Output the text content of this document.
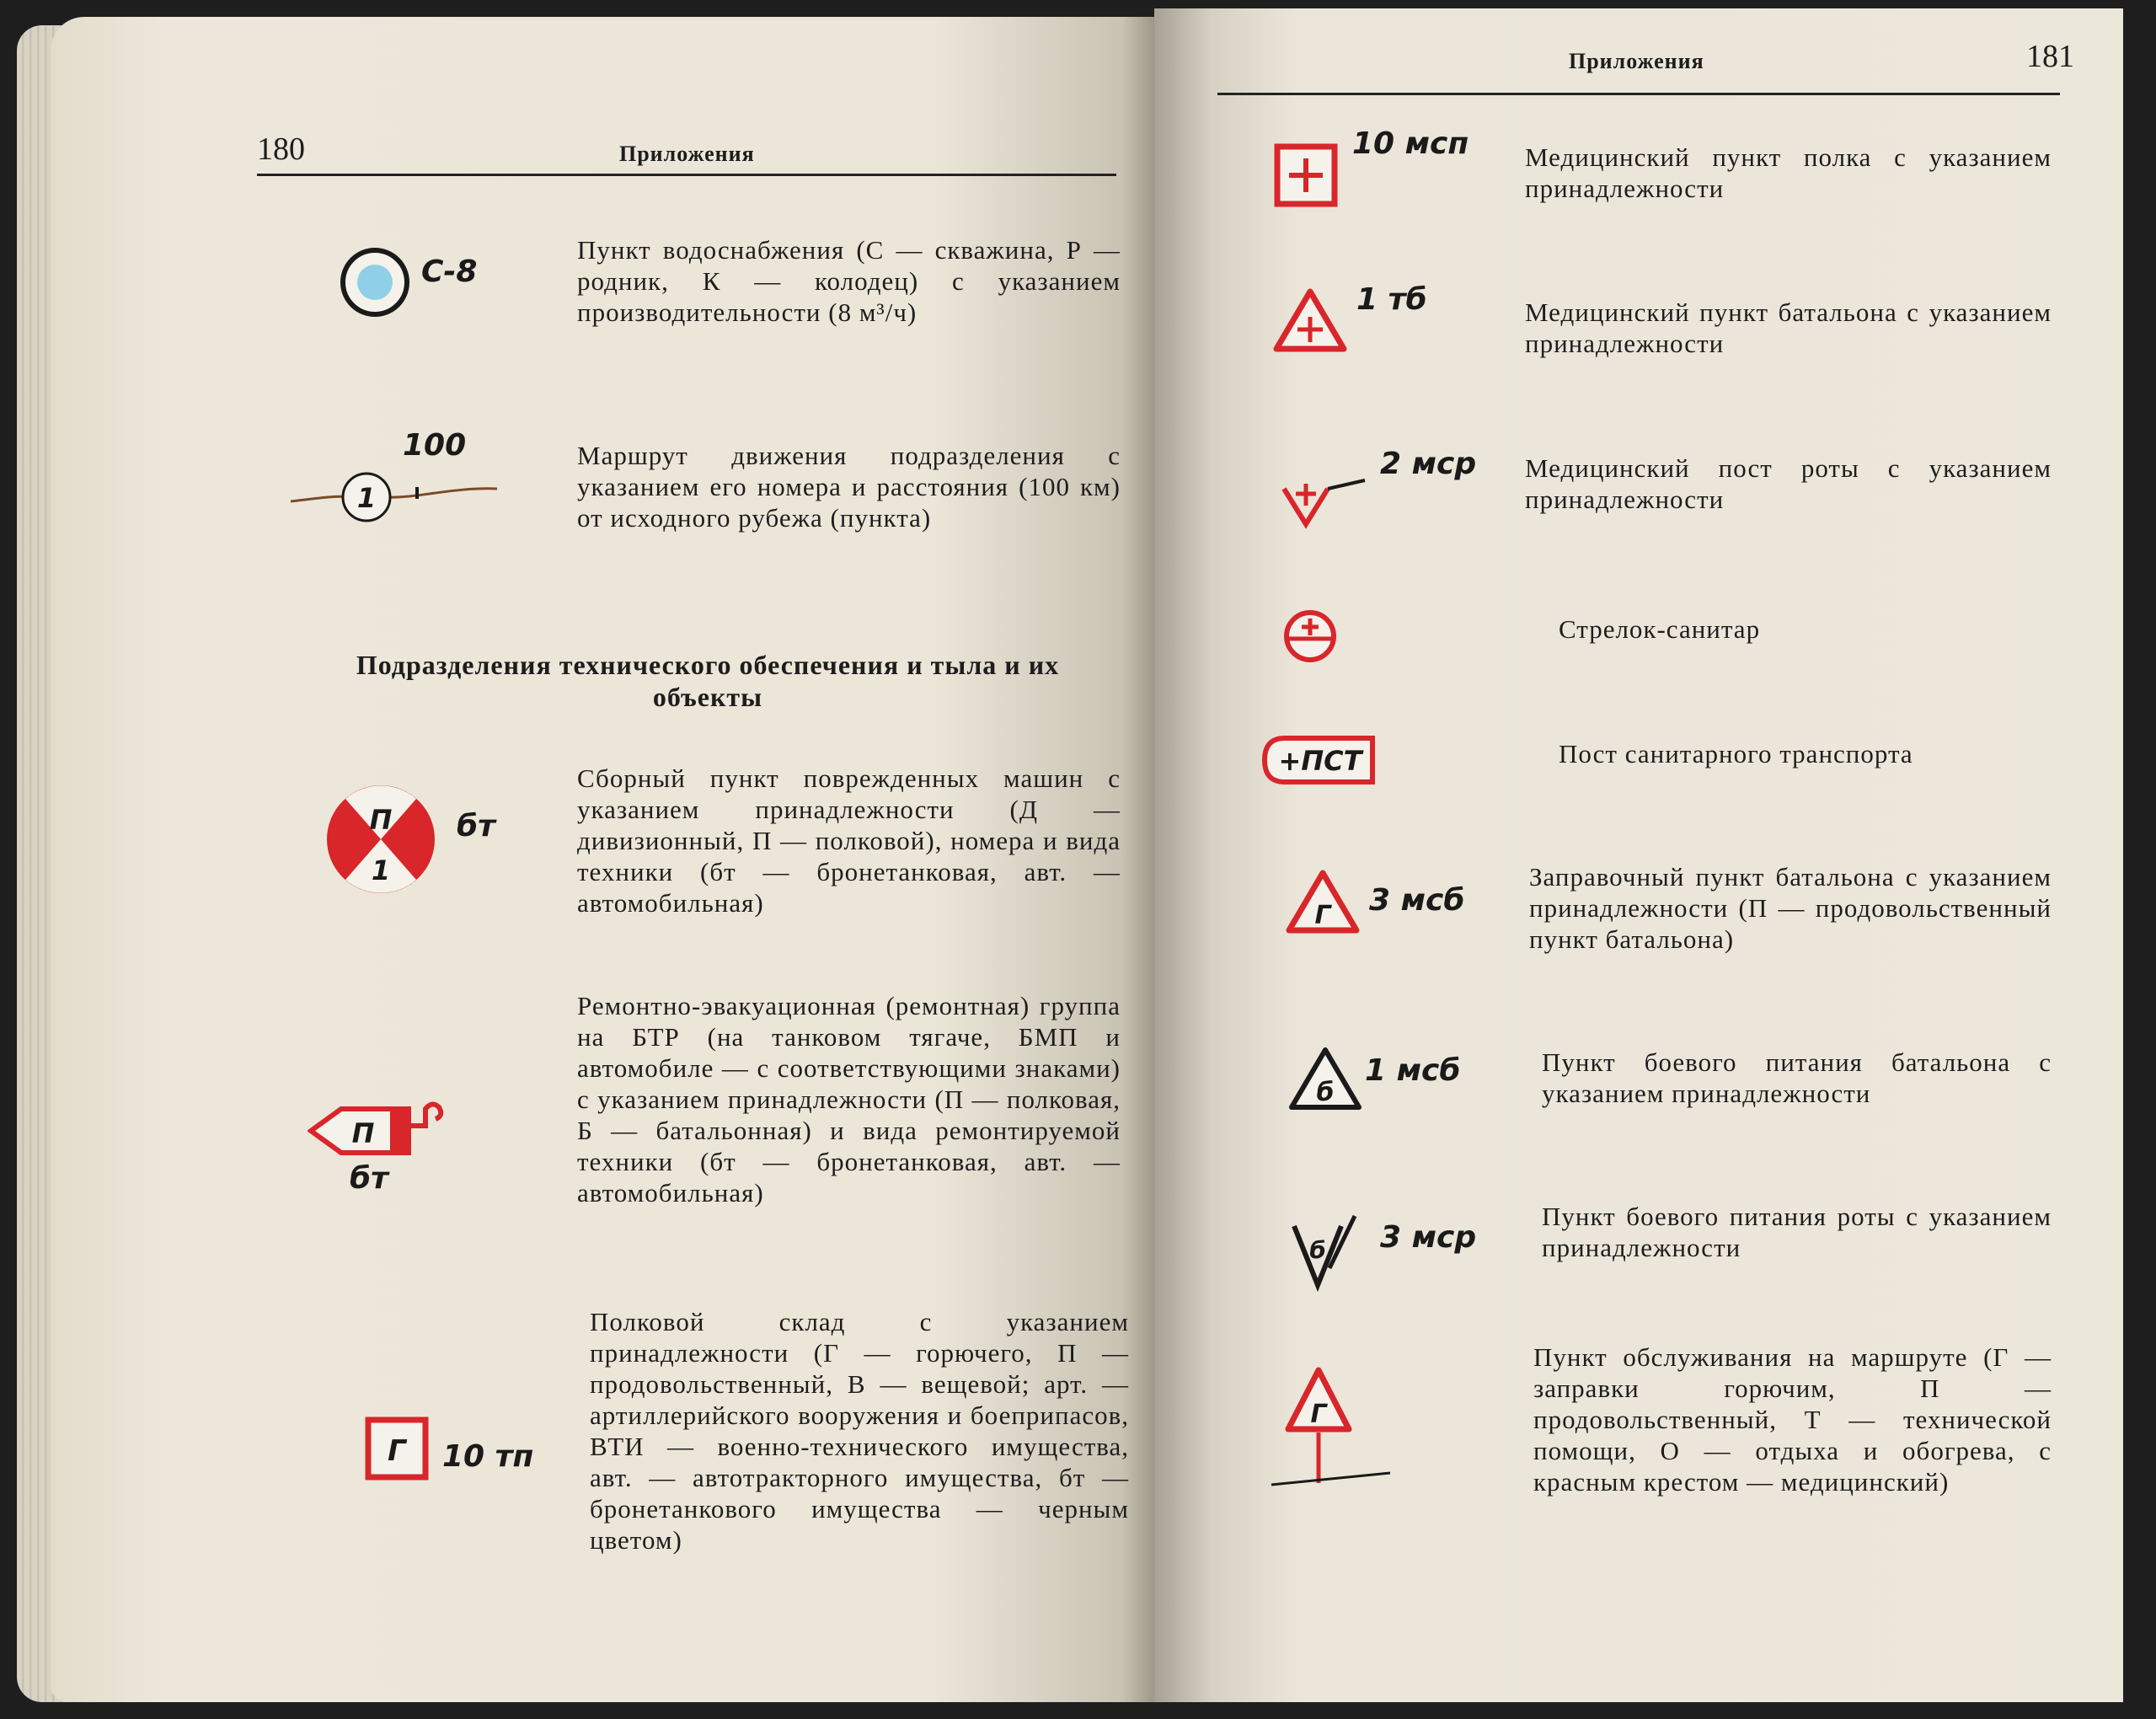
180	Приложения
С-8
Пункт водоснабжения (С — скважина, Р — родник, К — колодец) с указанием производительности (8 м³/ч)
1
100	Маршрут движения подразделения с указанием его номера и расстояния (100 км) от исходного рубежа (пункта)
Подразделения технического обеспечения и тыла и их объекты
П
1
бт
Сборный пункт поврежденных машин с указанием принадлежности (Д — дивизионный, П — полковой), номера и вида техники (бт — бронетанковая, авт. — автомобильная)
П
бт
Ремонтно-эвакуационная (ремонтная) группа на БТР (на танковом тягаче, БМП и автомобиле — с соответствующими знаками) с указанием принадлежности (П — полковая, Б — батальонная) и вида ремонтируемой техники (бт — бронетанковая, авт. — автомобильная)
Г 10 тп
Полковой склад с указанием принадлежности (Г — горючего, П — продовольственный, В — вещевой; арт. — артиллерийского вооружения и боеприпасов, ВТИ — военно-технического имущества, авт. — автотракторного имущества, бт — бронетанкового имущества — черным цветом)
Приложения	181
10 мсп Медицинский пункт полка с указанием принадлежности
1 тб	Медицинский пункт батальона с указанием принадлежности
2 мср Медицинский пост роты с указанием принадлежности
Стрелок-санитар
+ПСТ	Пост санитарного транспорта
Г 3 мсб
Заправочный пункт батальона с указанием принадлежности (П — продовольственный пункт батальона)
б
1 мсб	Пункт боевого питания батальона с указанием принадлежности
б 3 мср
Пункт боевого питания роты с указанием принадлежности
Г
Пункт обслуживания на маршруте (Г — заправки горючим, П — продовольственный, Т — технической помощи, О — отдыха и обогрева, с красным крестом — медицинский)
